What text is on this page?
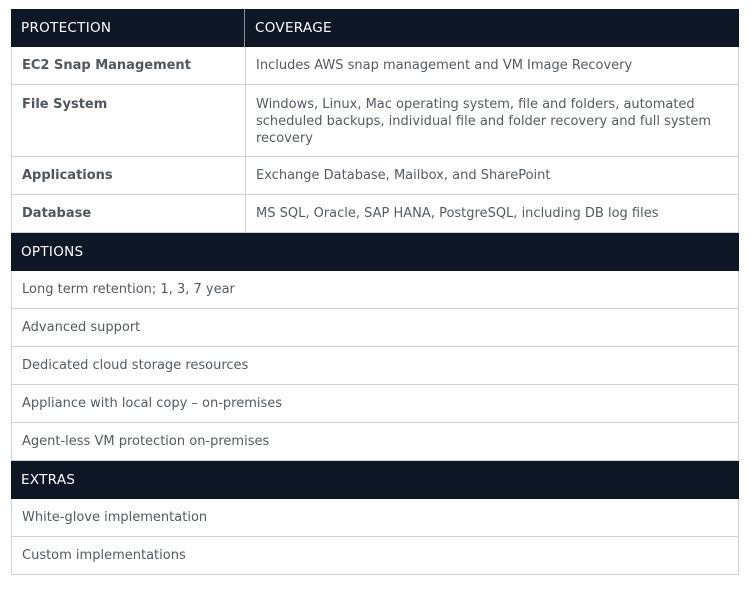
PROTECTION	COVERAGE
EC2 Snap Management	Includes AWS snap management and VM Image Recovery
File System	Windows, Linux, Mac operating system, file and folders, automated scheduled backups, individual file and folder recovery and full system recovery
Applications	Exchange Database, Mailbox, and SharePoint
Database	MS SQL, Oracle, SAP HANA, PostgreSQL, including DB log files
OPTIONS
Long term retention; 1, 3, 7 year
Advanced support
Dedicated cloud storage resources
Appliance with local copy – on-premises
Agent-less VM protection on-premises
EXTRAS
White-glove implementation
Custom implementations
